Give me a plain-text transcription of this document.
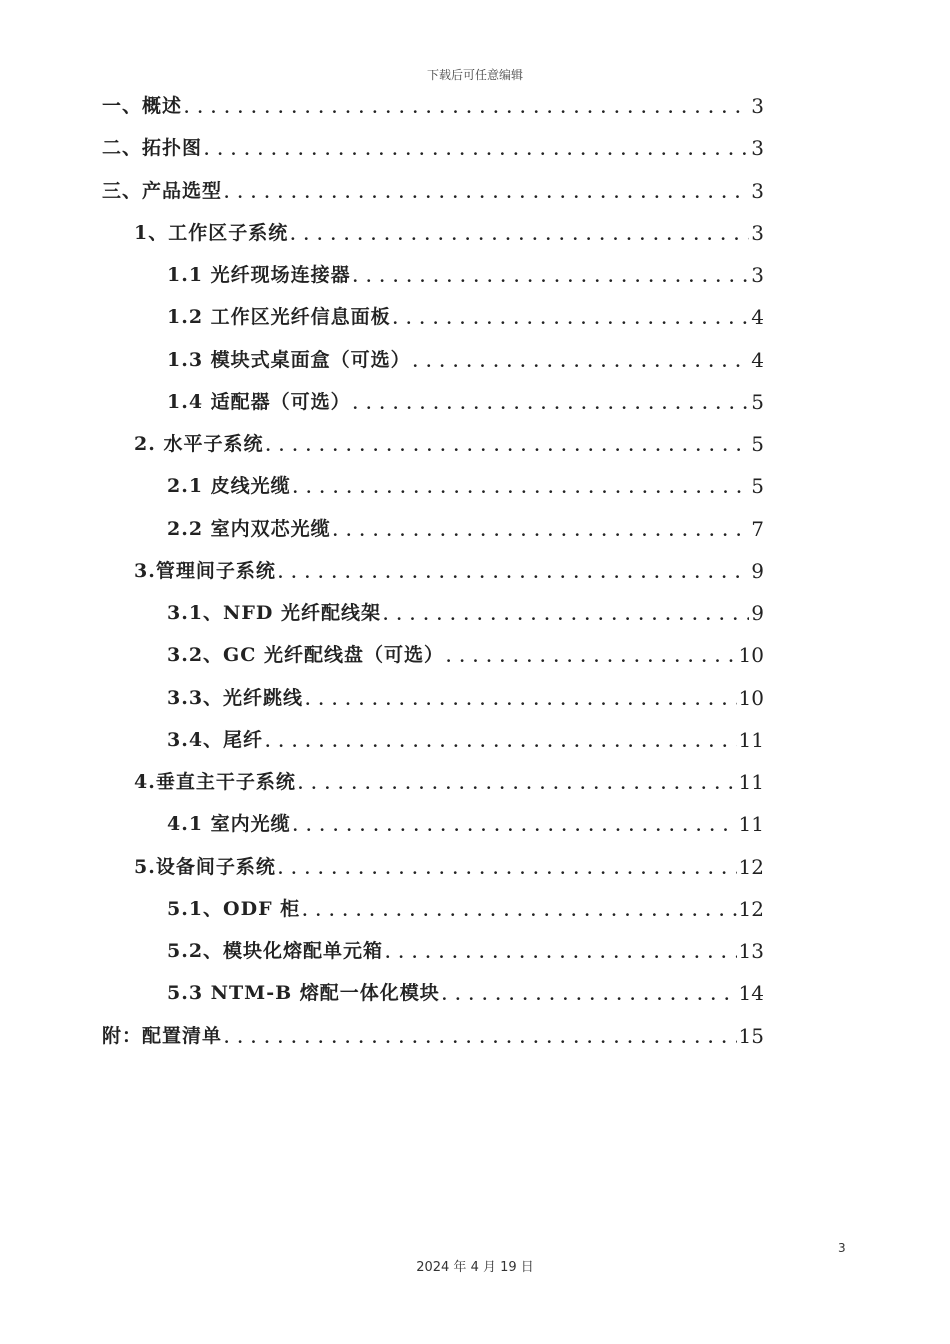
下载后可任意编辑
一、概述 . . .	3
二、拓扑图 . . .	3
三、产品选型 . . .	3
1、工作区子系统 . . .	3
1.1 光纤现场连接器 . . .	3
1.2 工作区光纤信息面板 . . .	4
1.3 模块式桌面盒（可选） . . .	4
1.4 适配器（可选） . . .	5
2. 水平子系统 . . .	5
2.1 皮线光缆 . . .	5
2.2 室内双芯光缆 . . .	7
3.管理间子系统 . . .	9
3.1、NFD 光纤配线架 . . .	9
3.2、GC 光纤配线盘（可选） . . .	10
3.3、光纤跳线 . . .	10
3.4、尾纤 . . .	11
4.垂直主干子系统 . . .	11
4.1 室内光缆 . . .	11
5.设备间子系统 . . .	12
5.1、ODF 柜 . . .	12
5.2、模块化熔配单元箱 . . .	13
5.3 NTM-B 熔配一体化模块 . . .	14
附：配置清单 . . .	15
3
2024 年 4 月 19 日
